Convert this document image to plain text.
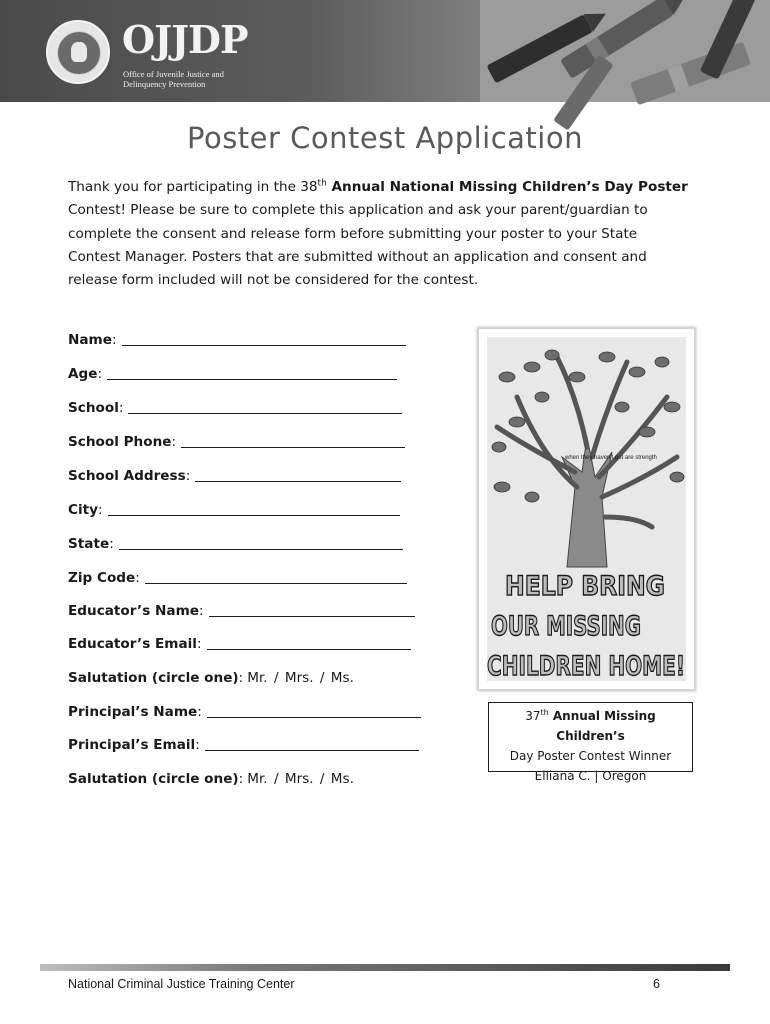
OJJDP
Office of Juvenile Justice and Delinquency Prevention
Poster Contest Application
Thank you for participating in the 38th Annual National Missing Children’s Day Poster Contest! Please be sure to complete this application and ask your parent/guardian to complete the consent and release form before submitting your poster to your State Contest Manager. Posters that are submitted without an application and consent and release form included will not be considered for the contest.
Name:
Age:
School:
School Phone:
School Address:
City:
State:
Zip Code:
Educator’s Name:
Educator’s Email:
Salutation (circle one): Mr. / Mrs. / Ms.
Principal’s Name:
Principal’s Email:
Salutation (circle one): Mr. / Mrs. / Ms.
when they haven't got are strength
HELP BRING
OUR MISSING
CHILDREN HOME!
37th Annual Missing Children’s
Day Poster Contest Winner
Elliana C. | Oregon
National Criminal Justice Training Center	6
